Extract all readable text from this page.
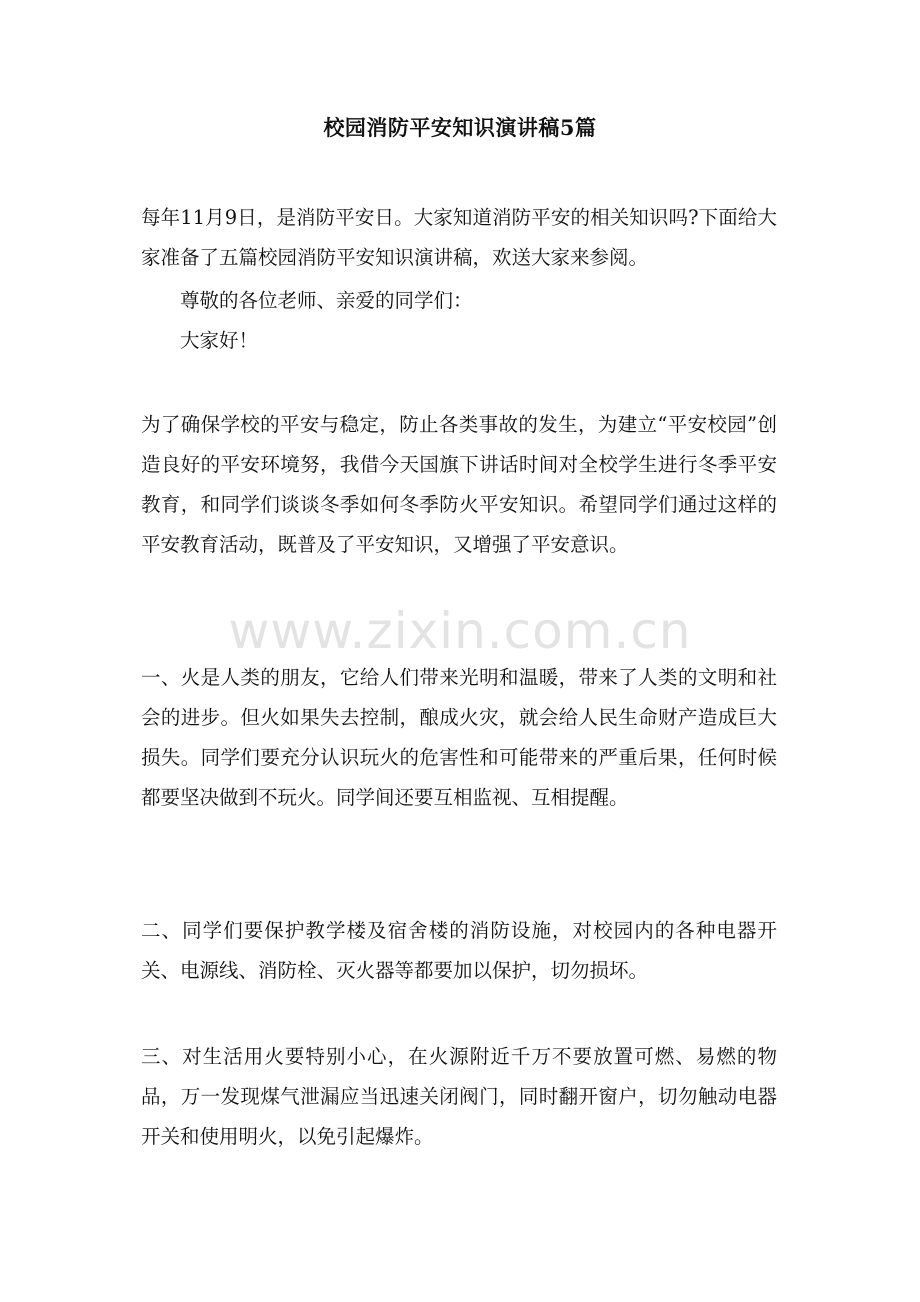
校园消防平安知识演讲稿5篇

每年11月9日，是消防平安日。大家知道消防平安的相关知识吗?下面给大家准备了五篇校园消防平安知识演讲稿，欢送大家来参阅。

尊敬的各位老师、亲爱的同学们：

大家好！

为了确保学校的平安与稳定，防止各类事故的发生，为建立“平安校园”创造良好的平安环境努，我借今天国旗下讲话时间对全校学生进行冬季平安教育，和同学们谈谈冬季如何冬季防火平安知识。希望同学们通过这样的平安教育活动，既普及了平安知识，又增强了平安意识。

一、火是人类的朋友，它给人们带来光明和温暖，带来了人类的文明和社会的进步。但火如果失去控制，酿成火灾，就会给人民生命财产造成巨大损失。同学们要充分认识玩火的危害性和可能带来的严重后果，任何时候都要坚决做到不玩火。同学间还要互相监视、互相提醒。

二、同学们要保护教学楼及宿舍楼的消防设施，对校园内的各种电器开关、电源线、消防栓、灭火器等都要加以保护，切勿损坏。

三、对生活用火要特别小心，在火源附近千万不要放置可燃、易燃的物品，万一发现煤气泄漏应当迅速关闭阀门，同时翻开窗户，切勿触动电器开关和使用明火，以免引起爆炸。

www.zixin.com.cn
